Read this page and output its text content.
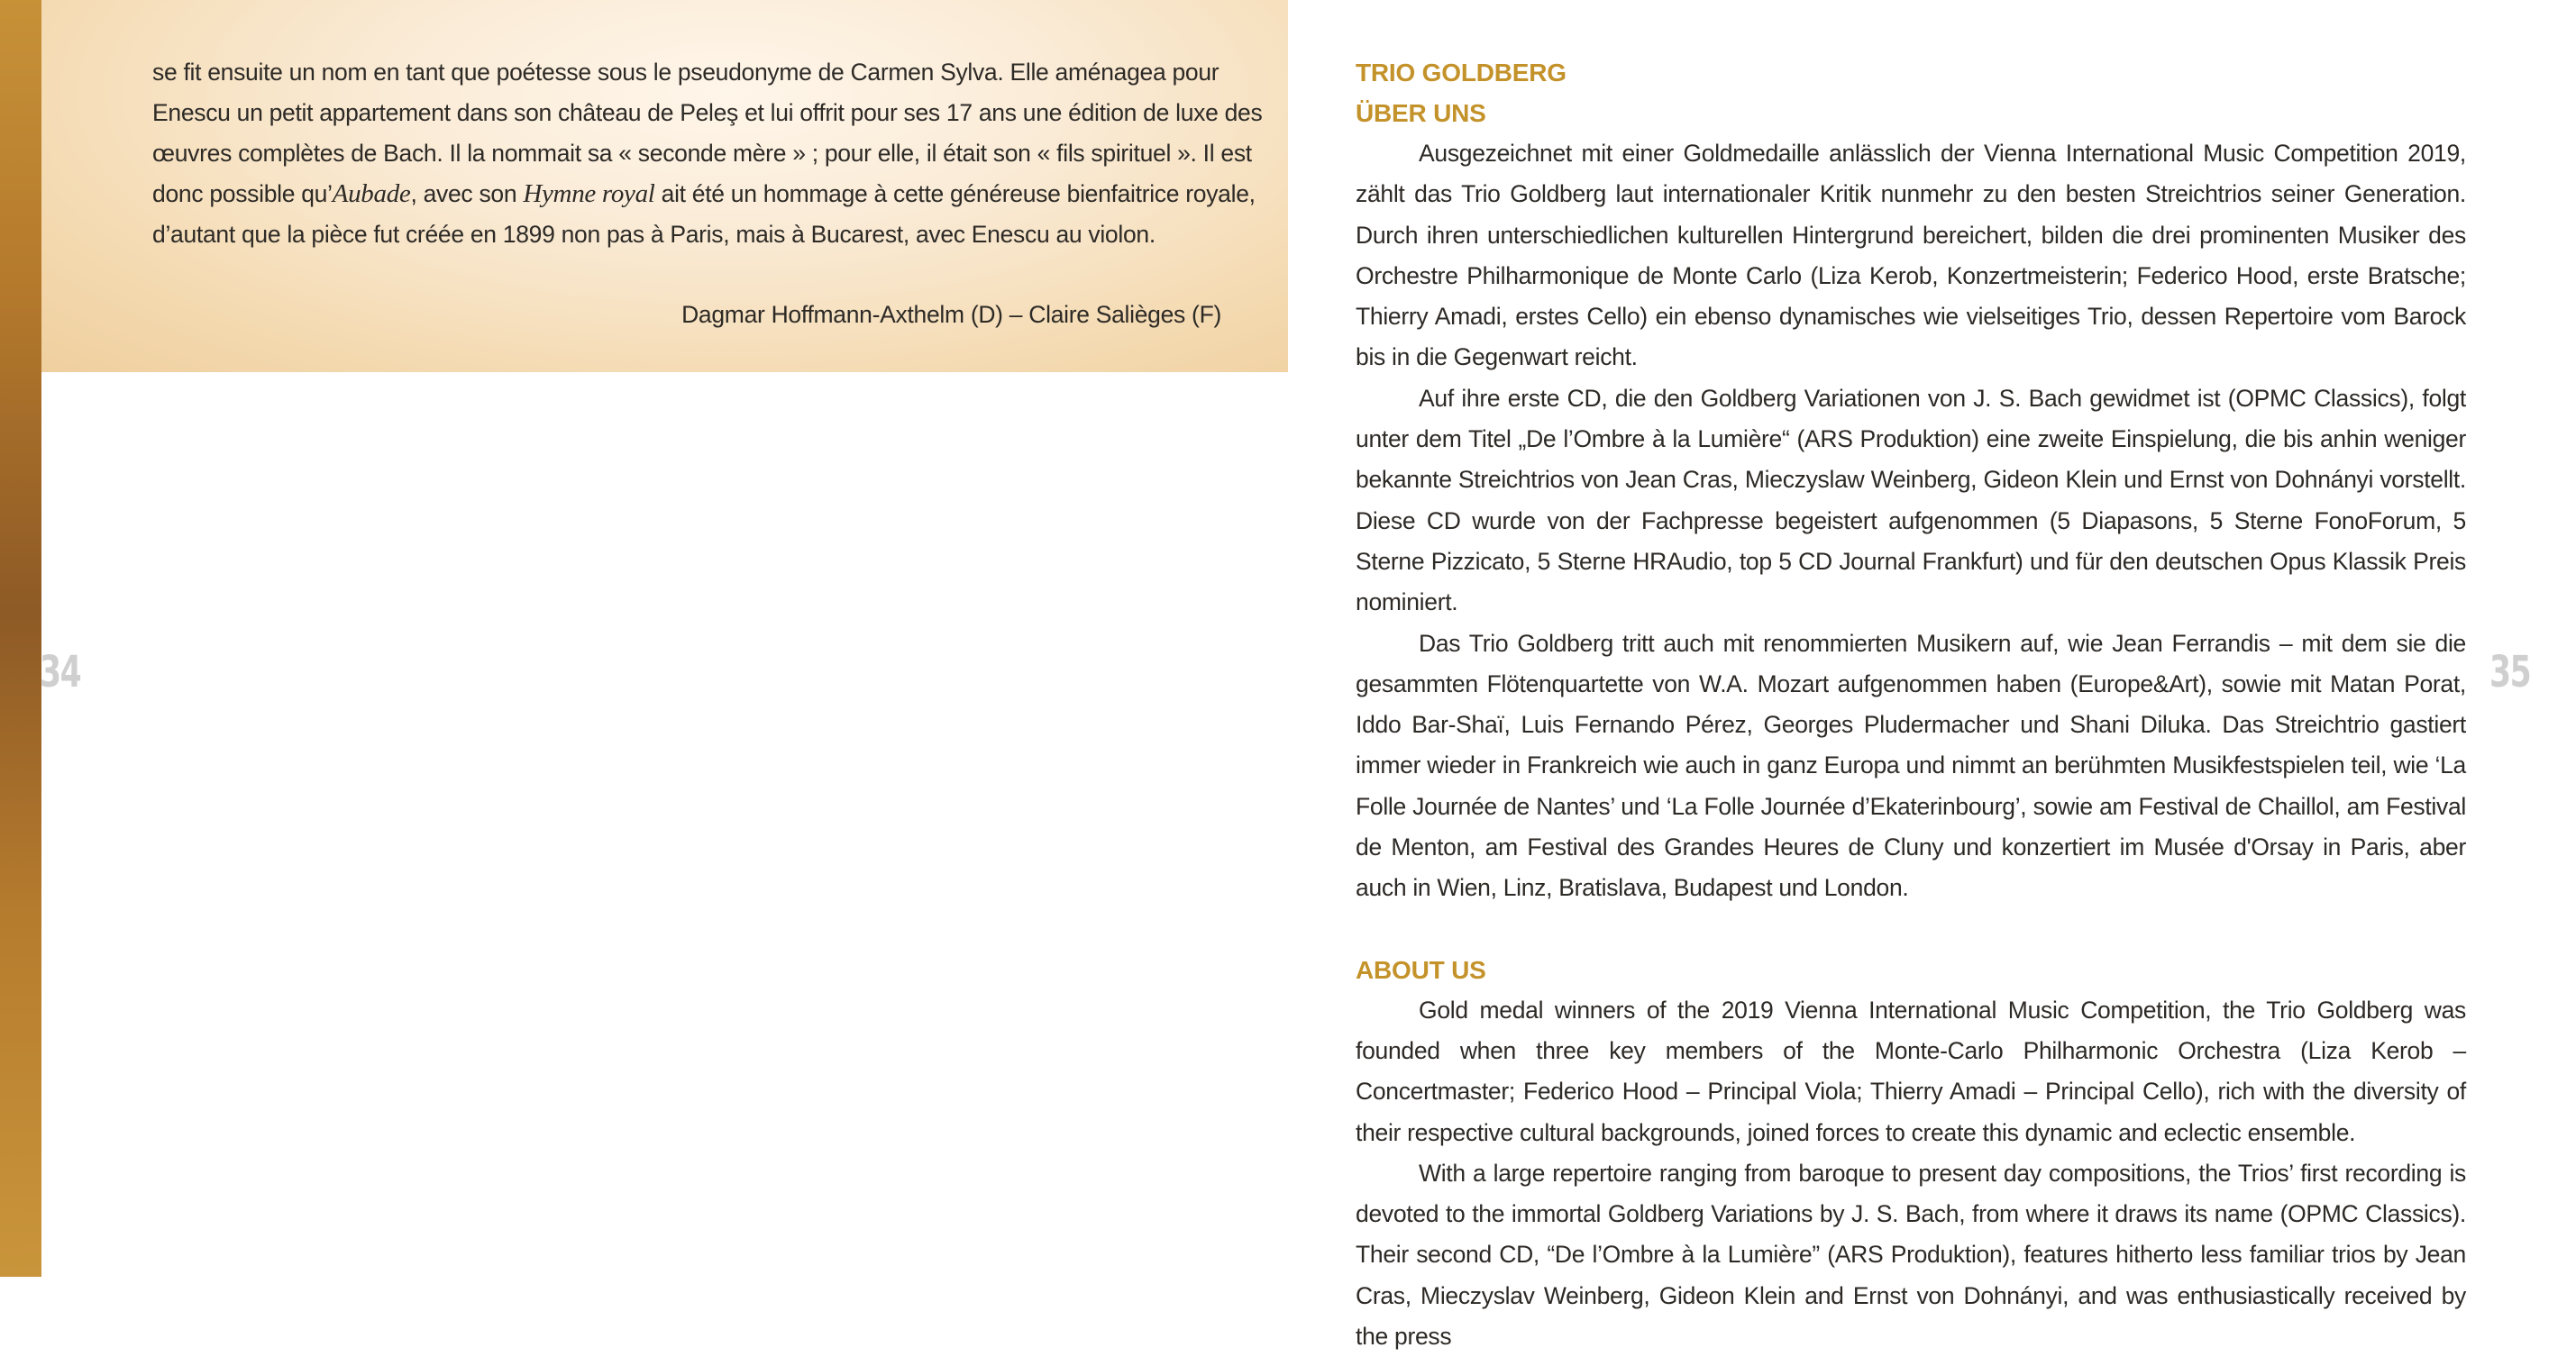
se fit ensuite un nom en tant que poétesse sous le pseudonyme de Carmen Sylva. Elle aménagea pour Enescu un petit appartement dans son château de Peleş et lui offrit pour ses 17 ans une édition de luxe des œuvres complètes de Bach. Il la nommait sa « seconde mère » ; pour elle, il était son « fils spirituel ». Il est donc possible qu’Aubade, avec son Hymne royal ait été un hommage à cette généreuse bienfaitrice royale, d’autant que la pièce fut créée en 1899 non pas à Paris, mais à Bucarest, avec Enescu au violon.

Dagmar Hoffmann-Axthelm (D) – Claire Salièges (F)
34	35
TRIO GOLDBERG
ÜBER UNS

Ausgezeichnet mit einer Goldmedaille anlässlich der Vienna International Music Competition 2019, zählt das Trio Goldberg laut internationaler Kritik nunmehr zu den besten Streichtrios seiner Generation. Durch ihren unterschiedlichen kulturellen Hintergrund bereichert, bilden die drei prominenten Musiker des Orchestre Philharmonique de Monte Carlo (Liza Kerob, Konzertmeisterin; Federico Hood, erste Bratsche; Thierry Amadi, erstes Cello) ein ebenso dynamisches wie vielseitiges Trio, dessen Repertoire vom Barock bis in die Gegenwart reicht.

Auf ihre erste CD, die den Goldberg Variationen von J. S. Bach gewidmet ist (OPMC Classics), folgt unter dem Titel „De l’Ombre à la Lumière“ (ARS Produktion) eine zweite Einspielung, die bis anhin weniger bekannte Streichtrios von Jean Cras, Mieczyslaw Weinberg, Gideon Klein und Ernst von Dohnányi vorstellt. Diese CD wurde von der Fachpresse begeistert aufgenommen (5 Diapasons, 5 Sterne FonoForum, 5 Sterne Pizzicato, 5 Sterne HRAudio, top 5 CD Journal Frankfurt) und für den deutschen Opus Klassik Preis nominiert.

Das Trio Goldberg tritt auch mit renommierten Musikern auf, wie Jean Ferrandis – mit dem sie die gesammten Flötenquartette von W.A. Mozart aufgenommen haben (Europe&Art), sowie mit Matan Porat, Iddo Bar-Shaï, Luis Fernando Pérez, Georges Pludermacher und Shani Diluka. Das Streichtrio gastiert immer wieder in Frankreich wie auch in ganz Europa und nimmt an berühmten Musikfestspielen teil, wie ‘La Folle Journée de Nantes’ und ‘La Folle Journée d’Ekaterinbourg’, sowie am Festival de Chaillol, am Festival de Menton, am Festival des Grandes Heures de Cluny und konzertiert im Musée d'Orsay in Paris, aber auch in Wien, Linz, Bratislava, Budapest und London.

ABOUT US

Gold medal winners of the 2019 Vienna International Music Competition, the Trio Goldberg was founded when three key members of the Monte-Carlo Philharmonic Orchestra (Liza Kerob – Concertmaster; Federico Hood – Principal Viola; Thierry Amadi – Principal Cello), rich with the diversity of their respective cultural backgrounds, joined forces to create this dynamic and eclectic ensemble.

With a large repertoire ranging from baroque to present day compositions, the Trios’ first recording is devoted to the immortal Goldberg Variations by J. S. Bach, from where it draws its name (OPMC Classics). Their second CD, “De l’Ombre à la Lumière” (ARS Produktion), features hitherto less familiar trios by Jean Cras, Mieczyslav Weinberg, Gideon Klein and Ernst von Dohnányi, and was enthusiastically received by the press
